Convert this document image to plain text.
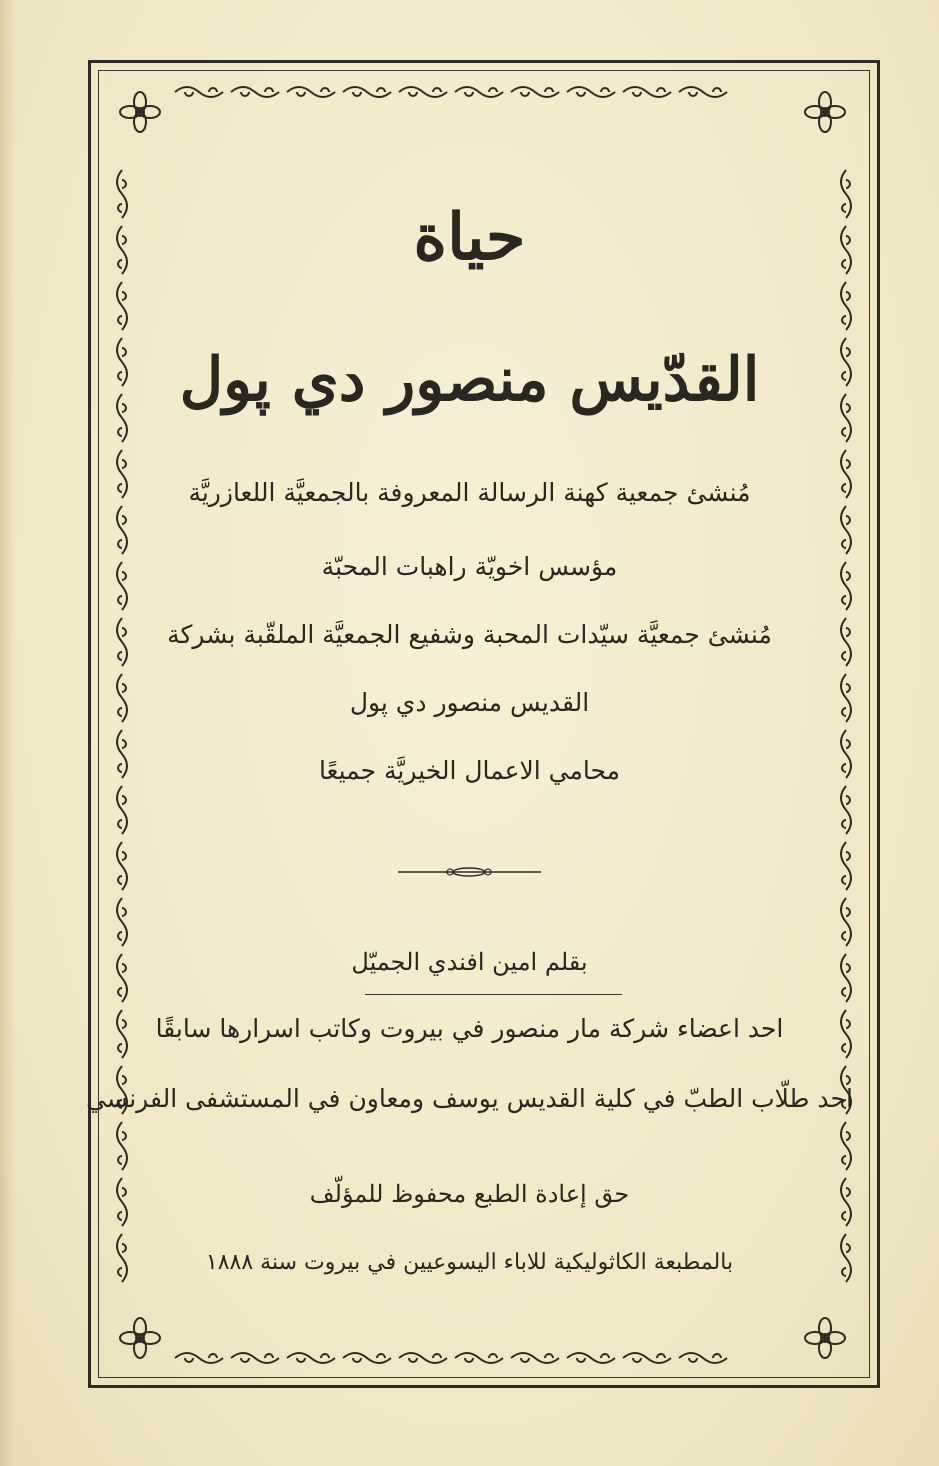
حياة
القدّيس منصور دي پول
مُنشئ جمعية كهنة الرسالة المعروفة بالجمعيَّة اللعازريَّة
مؤسس اخويّة راهبات المحبّة
مُنشئ جمعيَّة سيّدات المحبة وشفيع الجمعيَّة الملقّبة بشركة
القديس منصور دي پول
محامي الاعمال الخيريَّة جميعًا
بقلم امين افندي الجميّل
احد اعضاء شركة مار منصور في بيروت وكاتب اسرارها سابقًا
احد طلّاب الطبّ في كلية القديس يوسف ومعاون في المستشفى الفرنسي
حق إعادة الطبع محفوظ للمؤلّف
بالمطبعة الكاثوليكية للاباء اليسوعيين في بيروت سنة ١٨٨٨
